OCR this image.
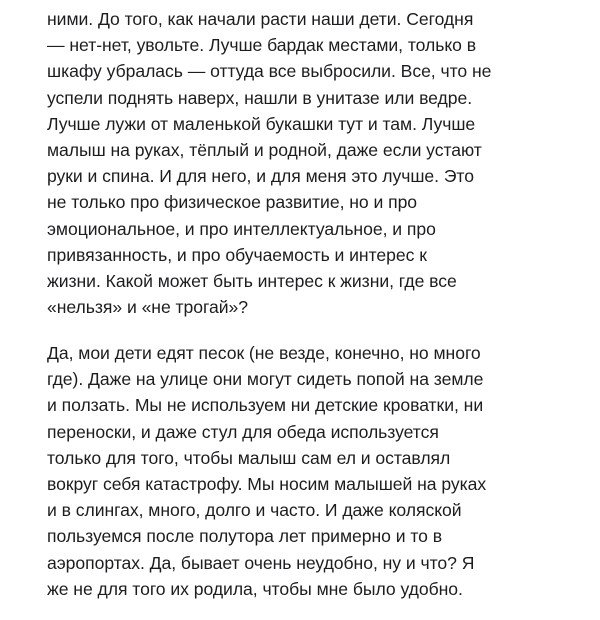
ними. До того, как начали расти наши дети. Сегодня
— нет-нет, увольте. Лучше бардак местами, только в
шкафу убралась — оттуда все выбросили. Все, что не
успели поднять наверх, нашли в унитазе или ведре.
Лучше лужи от маленькой букашки тут и там. Лучше
малыш на руках, тёплый и родной, даже если устают
руки и спина. И для него, и для меня это лучше. Это
не только про физическое развитие, но и про
эмоциональное, и про интеллектуальное, и про
привязанность, и про обучаемость и интерес к
жизни. Какой может быть интерес к жизни, где все
«нельзя» и «не трогай»?
Да, мои дети едят песок (не везде, конечно, но много
где). Даже на улице они могут сидеть попой на земле
и ползать. Мы не используем ни детские кроватки, ни
переноски, и даже стул для обеда используется
только для того, чтобы малыш сам ел и оставлял
вокруг себя катастрофу. Мы носим малышей на руках
и в слингах, много, долго и часто. И даже коляской
пользуемся после полутора лет примерно и то в
аэропортах. Да, бывает очень неудобно, ну и что? Я
же не для того их родила, чтобы мне было удобно.
